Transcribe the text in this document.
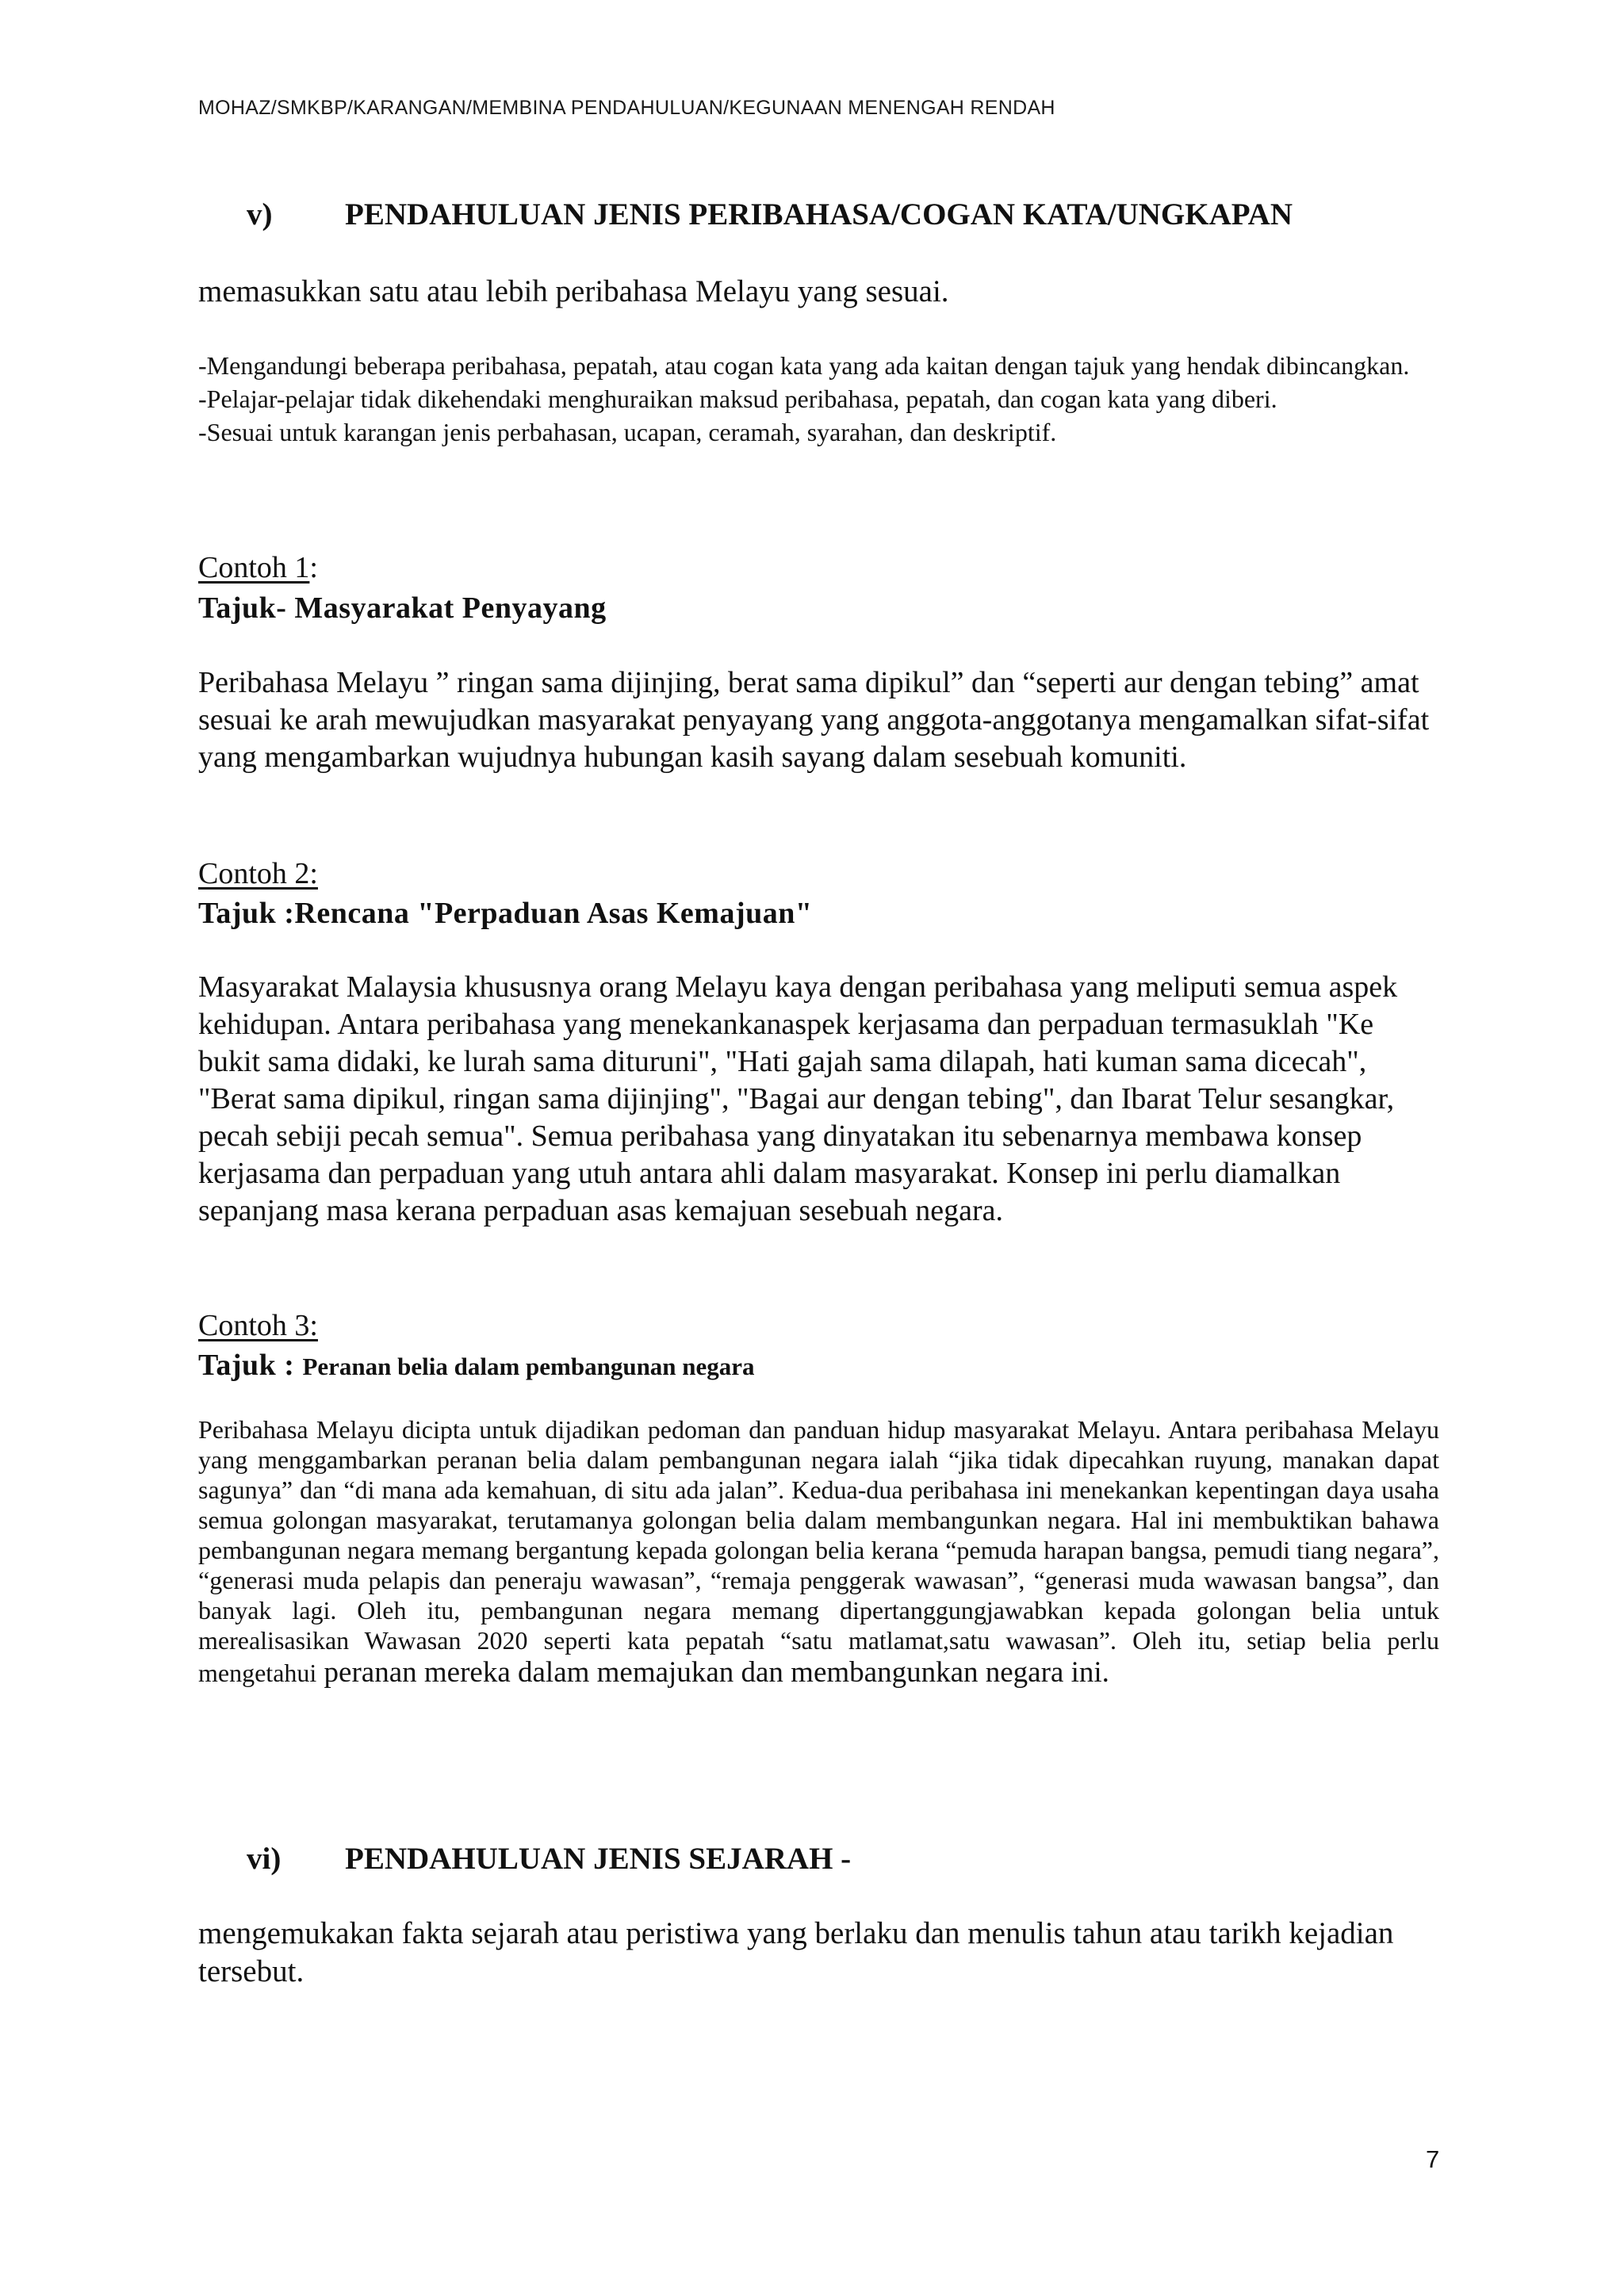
MOHAZ/SMKBP/KARANGAN/MEMBINA PENDAHULUAN/KEGUNAAN MENENGAH RENDAH
v) PENDAHULUAN JENIS PERIBAHASA/COGAN KATA/UNGKAPAN
memasukkan satu atau lebih peribahasa Melayu yang sesuai.

-Mengandungi beberapa peribahasa, pepatah, atau cogan kata yang ada kaitan dengan tajuk yang hendak dibincangkan.

-Pelajar-pelajar tidak dikehendaki menghuraikan maksud peribahasa, pepatah, dan cogan kata yang diberi.

-Sesuai untuk karangan jenis perbahasan, ucapan, ceramah, syarahan, dan deskriptif.

Contoh 1:
Tajuk- Masyarakat Penyayang

Peribahasa Melayu ” ringan sama dijinjing, berat sama dipikul” dan “seperti aur dengan tebing” amat sesuai ke arah mewujudkan masyarakat penyayang yang anggota-anggotanya mengamalkan sifat-sifat yang mengambarkan wujudnya hubungan kasih sayang dalam sesebuah komuniti.

Contoh 2:
Tajuk :Rencana "Perpaduan Asas Kemajuan"

Masyarakat Malaysia khususnya orang Melayu kaya dengan peribahasa yang meliputi semua aspek kehidupan. Antara peribahasa yang menekankanaspek kerjasama dan perpaduan termasuklah "Ke bukit sama didaki, ke lurah sama dituruni", "Hati gajah sama dilapah, hati kuman sama dicecah", "Berat sama dipikul, ringan sama dijinjing", "Bagai aur dengan tebing", dan Ibarat Telur sesangkar, pecah sebiji pecah semua". Semua peribahasa yang dinyatakan itu sebenarnya membawa konsep kerjasama dan perpaduan yang utuh antara ahli dalam masyarakat. Konsep ini perlu diamalkan sepanjang masa kerana perpaduan asas kemajuan sesebuah negara.

Contoh 3:
Tajuk : Peranan belia dalam pembangunan negara

Peribahasa Melayu dicipta untuk dijadikan pedoman dan panduan hidup masyarakat Melayu. Antara peribahasa Melayu yang menggambarkan peranan belia dalam pembangunan negara ialah “jika tidak dipecahkan ruyung, manakan dapat sagunya” dan “di mana ada kemahuan, di situ ada jalan”. Kedua-dua peribahasa ini menekankan kepentingan daya usaha semua golongan masyarakat, terutamanya golongan belia dalam membangunkan negara. Hal ini membuktikan bahawa pembangunan negara memang bergantung kepada golongan belia kerana “pemuda harapan bangsa, pemudi tiang negara”, “generasi muda pelapis dan peneraju wawasan”, “remaja penggerak wawasan”, “generasi muda wawasan bangsa”, dan banyak lagi. Oleh itu, pembangunan negara memang dipertanggungjawabkan kepada golongan belia untuk merealisasikan Wawasan 2020 seperti kata pepatah “satu matlamat,satu wawasan”. Oleh itu, setiap belia perlu mengetahui peranan mereka dalam memajukan dan membangunkan negara ini.

vi) PENDAHULUAN JENIS SEJARAH -
mengemukakan fakta sejarah atau peristiwa yang berlaku dan menulis tahun atau tarikh kejadian tersebut.
7
